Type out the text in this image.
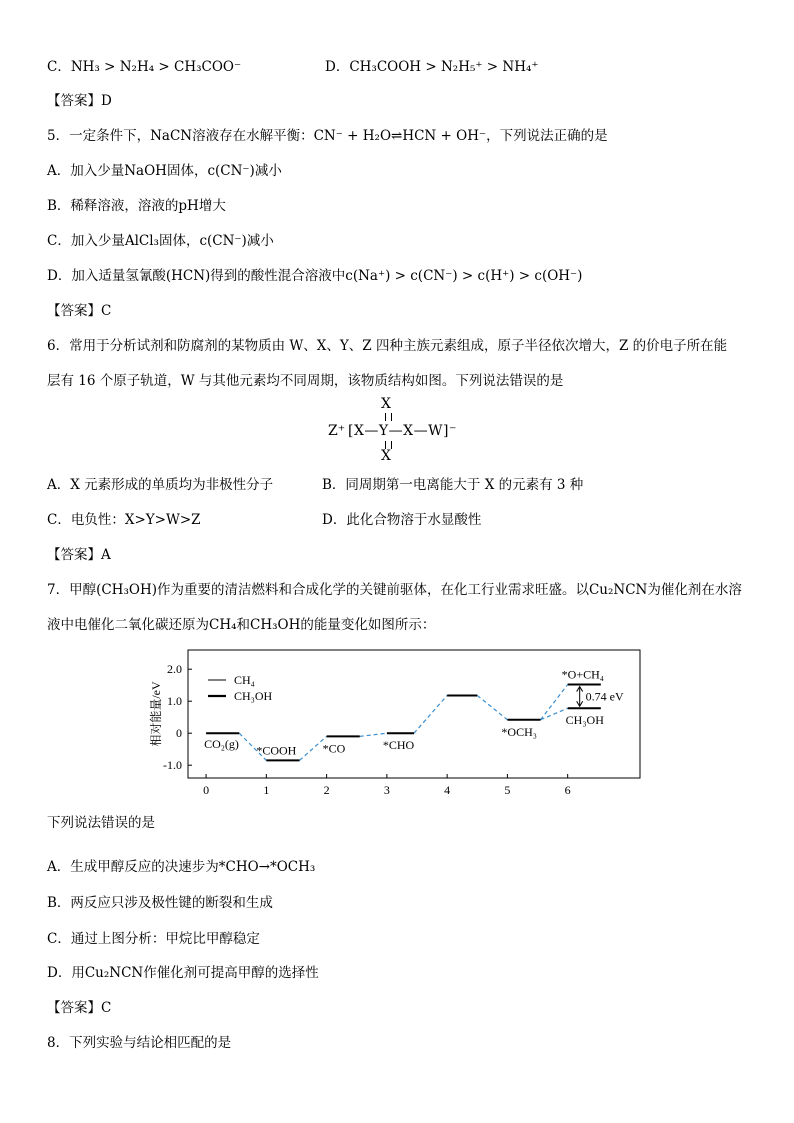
C．NH₃ > N₂H₄ > CH₃COO⁻	D．CH₃COOH > N₂H₅⁺ > NH₄⁺
【答案】D
5．一定条件下，NaCN溶液存在水解平衡：CN⁻ + H₂O⇌HCN + OH⁻，下列说法正确的是
A．加入少量NaOH固体，c(CN⁻)减小
B．稀释溶液，溶液的pH增大
C．加入少量AlCl₃固体，c(CN⁻)减小
D．加入适量氢氰酸(HCN)得到的酸性混合溶液中c(Na⁺) > c(CN⁻) > c(H⁺) > c(OH⁻)
【答案】C
6．常用于分析试剂和防腐剂的某物质由 W、X、Y、Z 四种主族元素组成，原子半径依次增大，Z 的价电子所在能
层有 16 个原子轨道，W 与其他元素均不同周期，该物质结构如图。下列说法错误的是
X
Z⁺ [X—Y—X—W]⁻
X
A．X 元素形成的单质均为非极性分子	B．同周期第一电离能大于 X 的元素有 3 种
C．电负性：X>Y>W>Z	D．此化合物溶于水显酸性
【答案】A
7．甲醇(CH₃OH)作为重要的清洁燃料和合成化学的关键前驱体，在化工行业需求旺盛。以Cu₂NCN为催化剂在水溶
液中电催化二氧化碳还原为CH₄和CH₃OH的能量变化如图所示：
2.0
1.0
0
-1.0
0	1	2	3	4	5	6
相对能量/eV	CO₂(g) *COOH *CO	*CHO
*OCH₃
*O+CH₄
CH₃OH
0.74 eV
CH₄
CH₃OH
下列说法错误的是
A．生成甲醇反应的决速步为*CHO→*OCH₃
B．两反应只涉及极性键的断裂和生成
C．通过上图分析：甲烷比甲醇稳定
D．用Cu₂NCN作催化剂可提高甲醇的选择性
【答案】C
8．下列实验与结论相匹配的是
